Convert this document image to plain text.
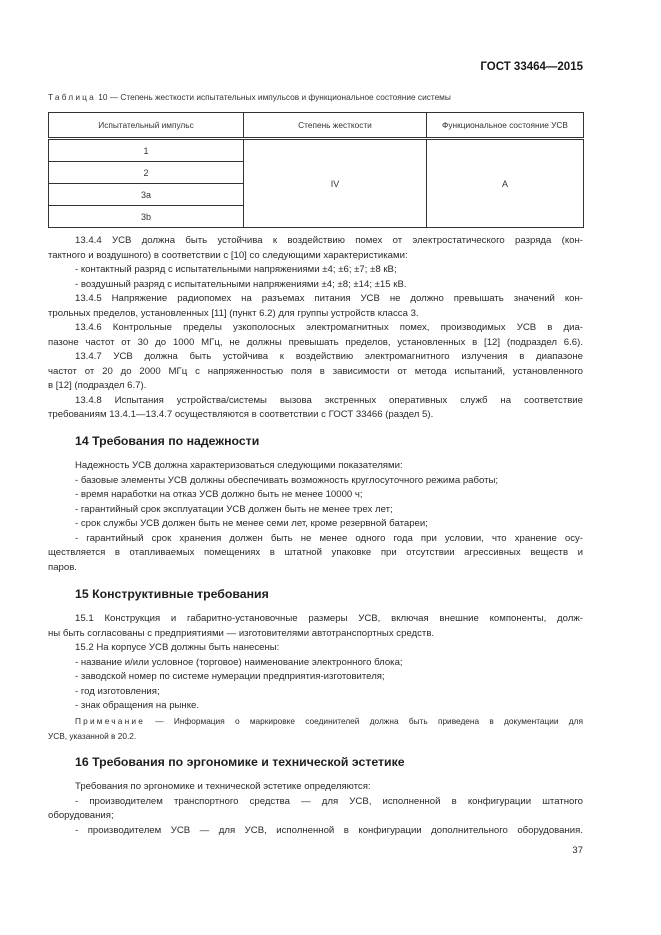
ГОСТ 33464—2015
Таблица 10 — Степень жесткости испытательных импульсов и функциональное состояние системы
Испытательный импульс	Степень жесткости	Функциональное состояние УСВ
1	IV	A
2		
3a		
3b		
13.4.4 УСВ должна быть устойчива к воздействию помех от электростатического разряда (кон-
тактного и воздушного) в соответствии с [10] со следующими характеристиками:
- контактный разряд с испытательными напряжениями ±4; ±6; ±7; ±8 кВ;
- воздушный разряд с испытательными напряжениями ±4; ±8; ±14; ±15 кВ.
13.4.5 Напряжение радиопомех на разъемах питания УСВ не должно превышать значений кон-
трольных пределов, установленных [11] (пункт 6.2) для группы устройств класса 3.
13.4.6 Контрольные пределы узкополосных электромагнитных помех, производимых УСВ в диа-
пазоне частот от 30 до 1000 МГц, не должны превышать пределов, установленных в [12] (подраздел 6.6).
13.4.7 УСВ должна быть устойчива к воздействию электромагнитного излучения в диапазоне
частот от 20 до 2000 МГц с напряженностью поля в зависимости от метода испытаний, установленного
в [12] (подраздел 6.7).
13.4.8 Испытания устройства/системы вызова экстренных оперативных служб на соответствие
требованиям 13.4.1—13.4.7 осуществляются в соответствии с ГОСТ 33466 (раздел 5).
14 Требования по надежности
Надежность УСВ должна характеризоваться следующими показателями:
- базовые элементы УСВ должны обеспечивать возможность круглосуточного режима работы;
- время наработки на отказ УСВ должно быть не менее 10000 ч;
- гарантийный срок эксплуатации УСВ должен быть не менее трех лет;
- срок службы УСВ должен быть не менее семи лет, кроме резервной батареи;
- гарантийный срок хранения должен быть не менее одного года при условии, что хранение осу-
ществляется в отапливаемых помещениях в штатной упаковке при отсутствии агрессивных веществ и
паров.
15 Конструктивные требования
15.1 Конструкция и габаритно-установочные размеры УСВ, включая внешние компоненты, долж-
ны быть согласованы с предприятиями — изготовителями автотранспортных средств.
15.2 На корпусе УСВ должны быть нанесены:
- название и/или условное (торговое) наименование электронного блока;
- заводской номер по системе нумерации предприятия-изготовителя;
- год изготовления;
- знак обращения на рынке.
Примечание — Информация о маркировке соединителей должна быть приведена в документации для
УСВ, указанной в 20.2.
16 Требования по эргономике и технической эстетике
Требования по эргономике и технической эстетике определяются:
- производителем транспортного средства — для УСВ, исполненной в конфигурации штатного
оборудования;
- производителем УСВ — для УСВ, исполненной в конфигурации дополнительного оборудования.
37
